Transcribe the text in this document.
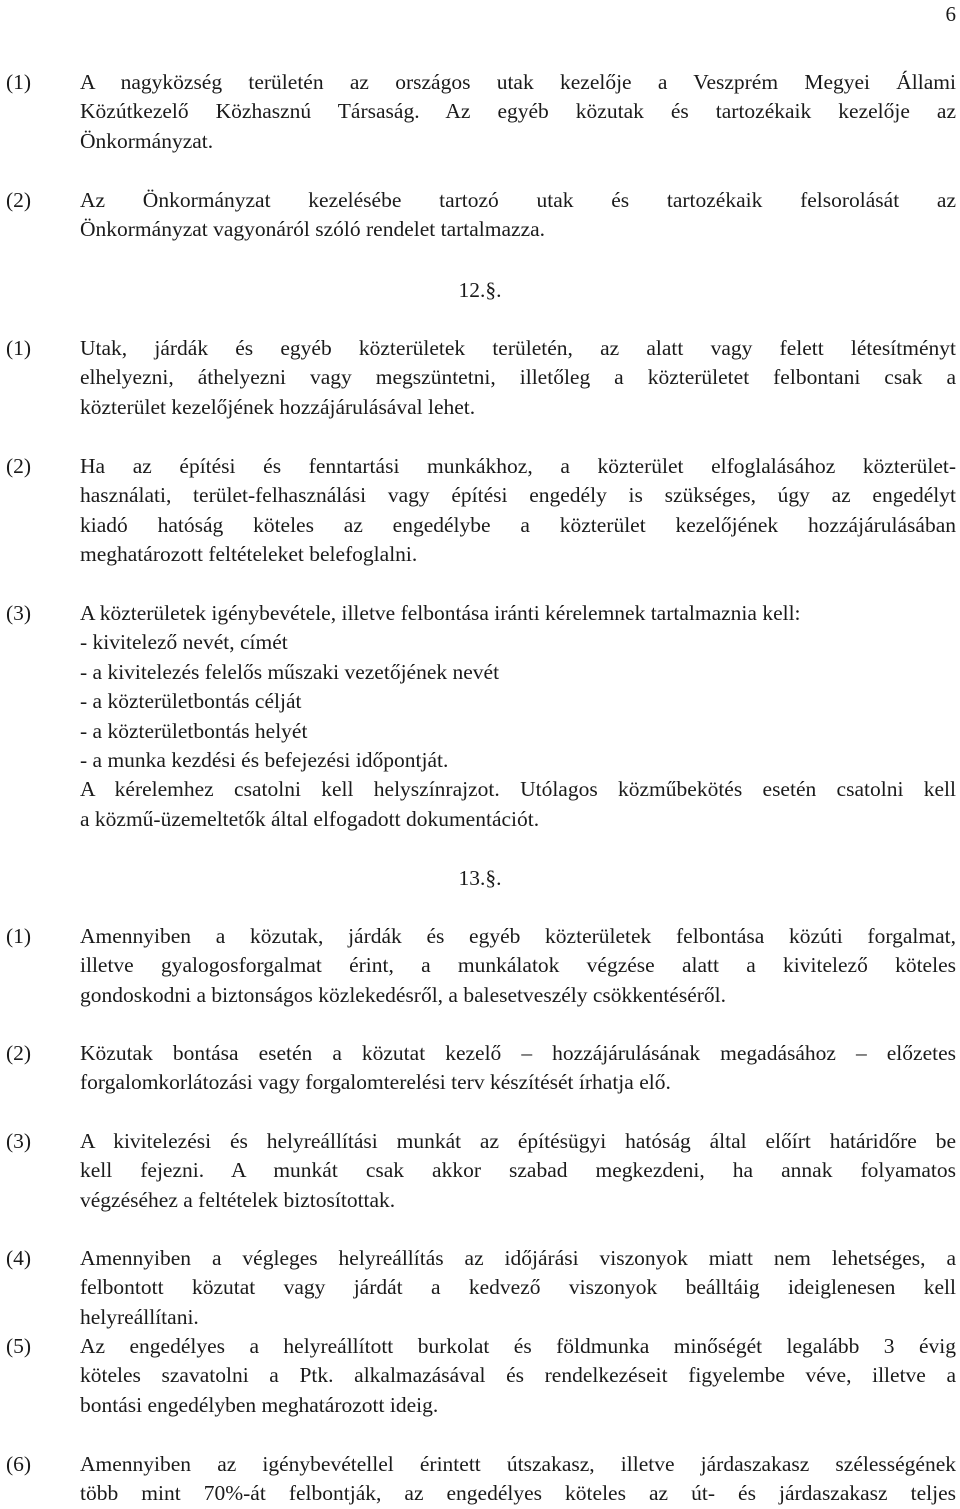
6
(1) A nagyközség területén az országos utak kezelője a Veszprém Megyei Állami
Közútkezelő Közhasznú Társaság. Az egyéb közutak és tartozékaik kezelője az
Önkormányzat.
(2) Az Önkormányzat kezelésébe tartozó utak és tartozékaik felsorolását az
Önkormányzat vagyonáról szóló rendelet tartalmazza.
12.§.
(1) Utak, járdák és egyéb közterületek területén, az alatt vagy felett létesítményt
elhelyezni, áthelyezni vagy megszüntetni, illetőleg a közterületet felbontani csak a
közterület kezelőjének hozzájárulásával lehet.
(2) Ha az építési és fenntartási munkákhoz, a közterület elfoglalásához közterület-
használati, terület-felhasználási vagy építési engedély is szükséges, úgy az engedélyt
kiadó hatóság köteles az engedélybe a közterület kezelőjének hozzájárulásában
meghatározott feltételeket belefoglalni.
(3) A közterületek igénybevétele, illetve felbontása iránti kérelemnek tartalmaznia kell:
- kivitelező nevét, címét
- a kivitelezés felelős műszaki vezetőjének nevét
- a közterületbontás célját
- a közterületbontás helyét
- a munka kezdési és befejezési időpontját.
A kérelemhez csatolni kell helyszínrajzot. Utólagos közműbekötés esetén csatolni kell
a közmű-üzemeltetők által elfogadott dokumentációt.
13.§.
(1) Amennyiben a közutak, járdák és egyéb közterületek felbontása közúti forgalmat,
illetve gyalogosforgalmat érint, a munkálatok végzése alatt a kivitelező köteles
gondoskodni a biztonságos közlekedésről, a balesetveszély csökkentéséről.
(2) Közutak bontása esetén a közutat kezelő – hozzájárulásának megadásához – előzetes
forgalomkorlátozási vagy forgalomterelési terv készítését írhatja elő.
(3) A kivitelezési és helyreállítási munkát az építésügyi hatóság által előírt határidőre be
kell fejezni. A munkát csak akkor szabad megkezdeni, ha annak folyamatos
végzéséhez a feltételek biztosítottak.
(4) Amennyiben a végleges helyreállítás az időjárási viszonyok miatt nem lehetséges, a
felbontott közutat vagy járdát a kedvező viszonyok beálltáig ideiglenesen kell
helyreállítani.
(5) Az engedélyes a helyreállított burkolat és földmunka minőségét legalább 3 évig
köteles szavatolni a Ptk. alkalmazásával és rendelkezéseit figyelembe véve, illetve a
bontási engedélyben meghatározott ideig.
(6) Amennyiben az igénybevétellel érintett útszakasz, illetve járdaszakasz szélességének
több mint 70%-át felbontják, az engedélyes köteles az út- és járdaszakasz teljes
